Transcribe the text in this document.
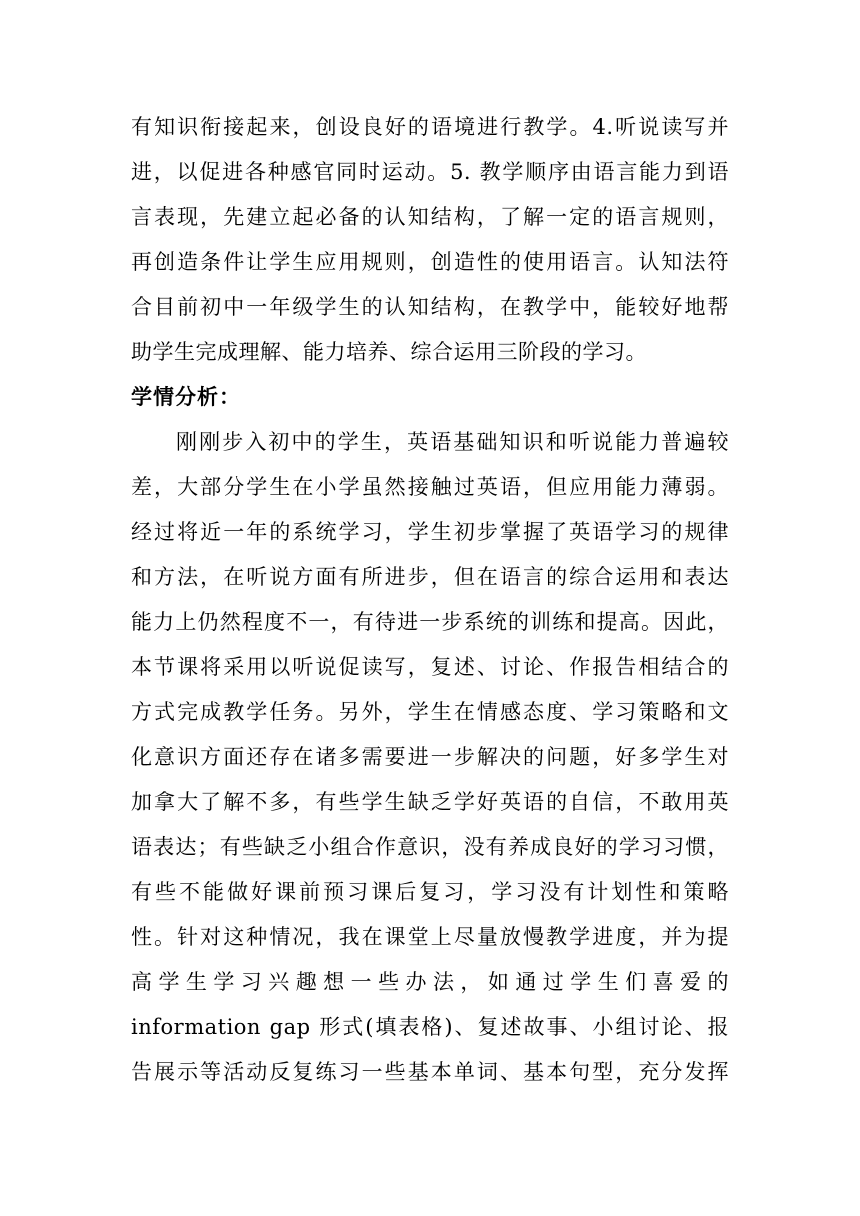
有知识衔接起来，创设良好的语境进行教学。4.听说读写并
进，以促进各种感官同时运动。5. 教学顺序由语言能力到语
言表现，先建立起必备的认知结构，了解一定的语言规则，
再创造条件让学生应用规则，创造性的使用语言。认知法符
合目前初中一年级学生的认知结构，在教学中，能较好地帮
助学生完成理解、能力培养、综合运用三阶段的学习。
学情分析：
刚刚步入初中的学生，英语基础知识和听说能力普遍较
差，大部分学生在小学虽然接触过英语，但应用能力薄弱。
经过将近一年的系统学习，学生初步掌握了英语学习的规律
和方法，在听说方面有所进步，但在语言的综合运用和表达
能力上仍然程度不一，有待进一步系统的训练和提高。因此，
本节课将采用以听说促读写，复述、讨论、作报告相结合的
方式完成教学任务。另外，学生在情感态度、学习策略和文
化意识方面还存在诸多需要进一步解决的问题，好多学生对
加拿大了解不多，有些学生缺乏学好英语的自信，不敢用英
语表达；有些缺乏小组合作意识，没有养成良好的学习习惯，
有些不能做好课前预习课后复习，学习没有计划性和策略
性。针对这种情况，我在课堂上尽量放慢教学进度，并为提
高学生学习兴趣想一些办法，如通过学生们喜爱的
information gap 形式(填表格)、复述故事、小组讨论、报
告展示等活动反复练习一些基本单词、基本句型，充分发挥
